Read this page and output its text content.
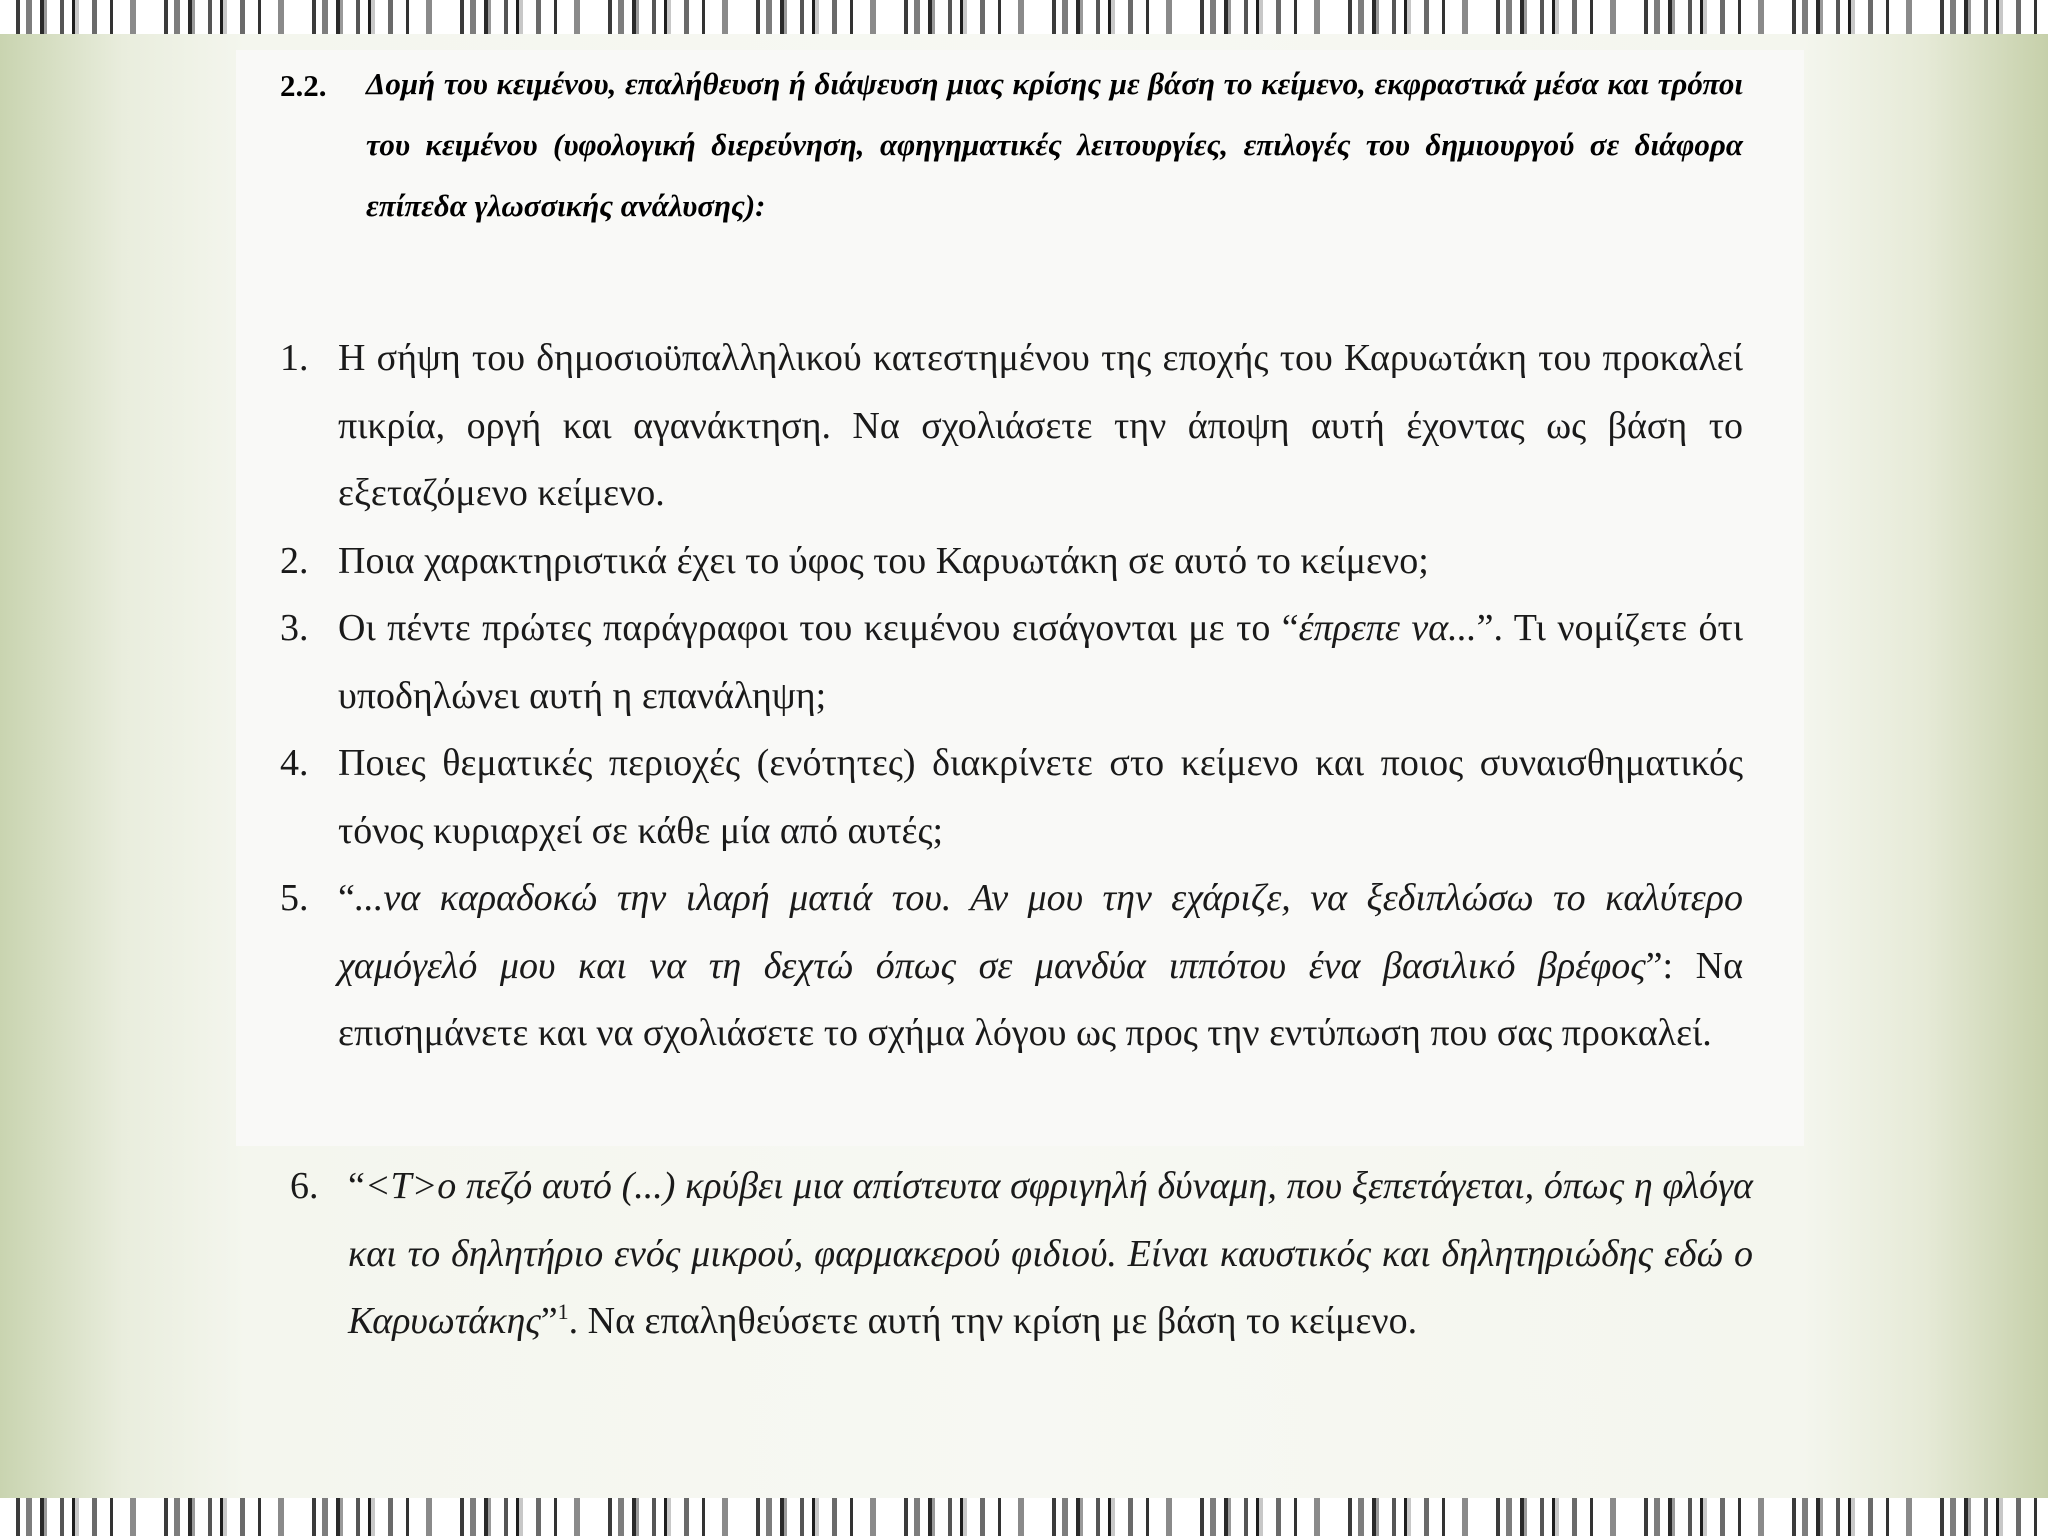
2.2. Δομή του κειμένου, επαλήθευση ή διάψευση μιας κρίσης με βάση το κείμενο, εκφραστικά μέσα και τρόποι του κειμένου (υφολογική διερεύνηση, αφηγηματικές λειτουργίες, επιλογές του δημιουργού σε διάφορα επίπεδα γλωσσικής ανάλυσης):
1. Η σήψη του δημοσιοϋπαλληλικού κατεστημένου της εποχής του Καρυωτάκη του προκαλεί πικρία, οργή και αγανάκτηση. Να σχολιάσετε την άποψη αυτή έχοντας ως βάση το εξεταζόμενο κείμενο.
2. Ποια χαρακτηριστικά έχει το ύφος του Καρυωτάκη σε αυτό το κείμενο;
3. Οι πέντε πρώτες παράγραφοι του κειμένου εισάγονται με το “έπρεπε να...”. Τι νομίζετε ότι υποδηλώνει αυτή η επανάληψη;
4. Ποιες θεματικές περιοχές (ενότητες) διακρίνετε στο κείμενο και ποιος συναισθηματικός τόνος κυριαρχεί σε κάθε μία από αυτές;
5. “...να καραδοκώ την ιλαρή ματιά του. Αν μου την εχάριζε, να ξεδιπλώσω το καλύτερο χαμόγελό μου και να τη δεχτώ όπως σε μανδύα ιππότου ένα βασιλικό βρέφος”: Να επισημάνετε και να σχολιάσετε το σχήμα λόγου ως προς την εντύπωση που σας προκαλεί.
6. “<Τ>ο πεζό αυτό (...) κρύβει μια απίστευτα σφριγηλή δύναμη, που ξεπετάγεται, όπως η φλόγα και το δηλητήριο ενός μικρού, φαρμακερού φιδιού. Είναι καυστικός και δηλητηριώδης εδώ ο Καρυωτάκης”$^1$. Να επαληθεύσετε αυτή την κρίση με βάση το κείμενο.
